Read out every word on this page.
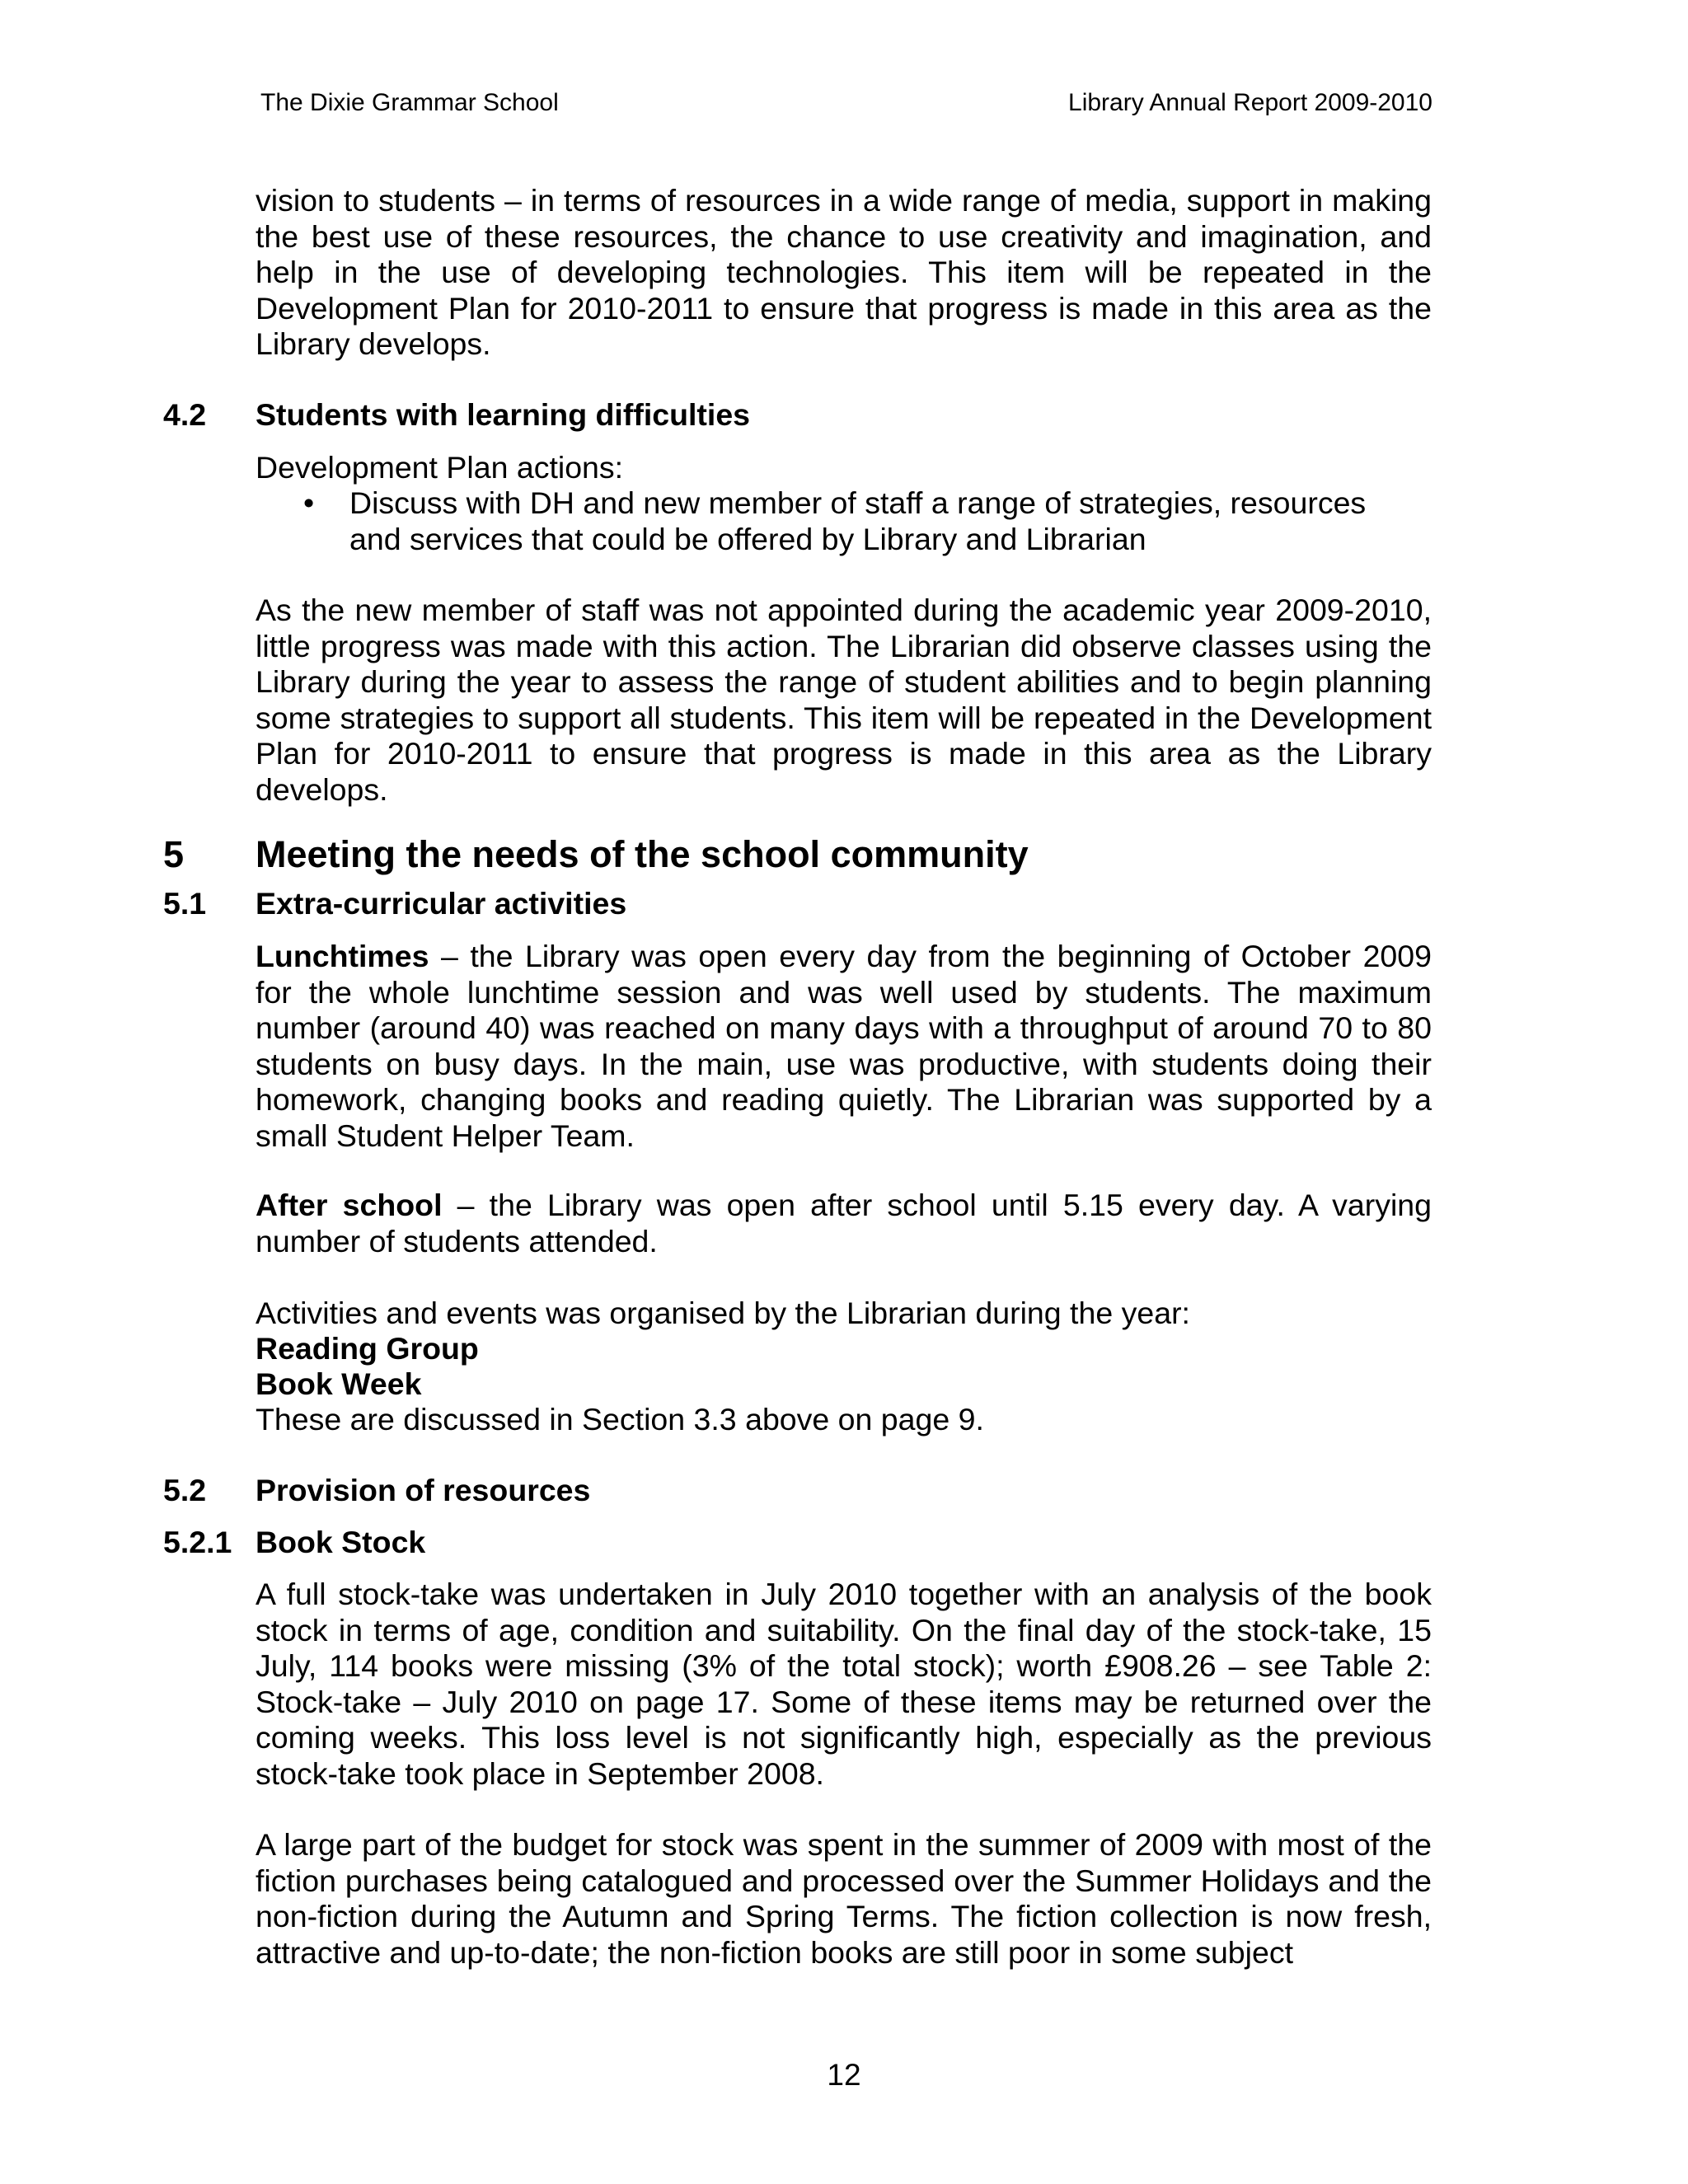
The Dixie Grammar School	Library Annual Report 2009-2010
vision to students – in terms of resources in a wide range of media, support in making the best use of these resources, the chance to use creativity and imagination, and help in the use of developing technologies. This item will be repeated in the Development Plan for 2010-2011 to ensure that progress is made in this area as the Library develops.
4.2 Students with learning difficulties
Development Plan actions:
• Discuss with DH and new member of staff a range of strategies, resources and services that could be offered by Library and Librarian
As the new member of staff was not appointed during the academic year 2009-2010, little progress was made with this action. The Librarian did observe classes using the Library during the year to assess the range of student abilities and to begin planning some strategies to support all students. This item will be repeated in the Development Plan for 2010-2011 to ensure that progress is made in this area as the Library develops.
5 Meeting the needs of the school community
5.1 Extra-curricular activities
Lunchtimes – the Library was open every day from the beginning of October 2009 for the whole lunchtime session and was well used by students. The maximum number (around 40) was reached on many days with a throughput of around 70 to 80 students on busy days. In the main, use was productive, with students doing their homework, changing books and reading quietly. The Librarian was supported by a small Student Helper Team.
After school – the Library was open after school until 5.15 every day. A varying number of students attended.
Activities and events was organised by the Librarian during the year:
Reading Group
Book Week
These are discussed in Section 3.3 above on page 9.
5.2 Provision of resources
5.2.1 Book Stock
A full stock-take was undertaken in July 2010 together with an analysis of the book stock in terms of age, condition and suitability. On the final day of the stock-take, 15 July, 114 books were missing (3% of the total stock); worth £908.26 – see Table 2: Stock-take – July 2010 on page 17. Some of these items may be returned over the coming weeks. This loss level is not significantly high, especially as the previous stock-take took place in September 2008.
A large part of the budget for stock was spent in the summer of 2009 with most of the fiction purchases being catalogued and processed over the Summer Holidays and the non-fiction during the Autumn and Spring Terms. The fiction collection is now fresh, attractive and up-to-date; the non-fiction books are still poor in some subject
12
